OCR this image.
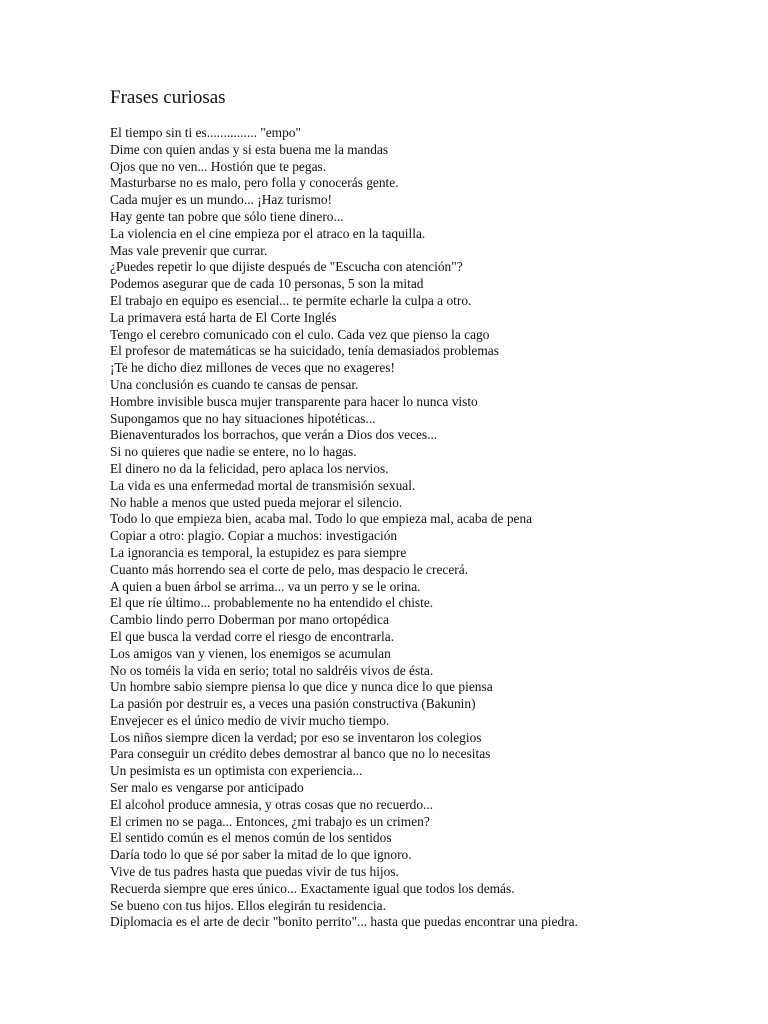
Frases curiosas
El tiempo sin ti es............... "empo"
Dime con quien andas y si esta buena me la mandas
Ojos que no ven... Hostión que te pegas.
Masturbarse no es malo, pero folla y conocerás gente.
Cada mujer es un mundo... ¡Haz turismo!
Hay gente tan pobre que sólo tiene dinero...
La violencia en el cine empieza por el atraco en la taquilla.
Mas vale prevenir que currar.
¿Puedes repetir lo que dijiste después de "Escucha con atención"?
Podemos asegurar que de cada 10 personas, 5 son la mitad
El trabajo en equipo es esencial... te permite echarle la culpa a otro.
La primavera está harta de El Corte Inglés
Tengo el cerebro comunicado con el culo. Cada vez que pienso la cago
El profesor de matemáticas se ha suicidado, tenía demasiados problemas
¡Te he dicho diez millones de veces que no exageres!
Una conclusión es cuando te cansas de pensar.
Hombre invisible busca mujer transparente para hacer lo nunca visto
Supongamos que no hay situaciones hipotéticas...
Bienaventurados los borrachos, que verán a Dios dos veces...
Si no quieres que nadie se entere, no lo hagas.
El dinero no da la felicidad, pero aplaca los nervios.
La vida es una enfermedad mortal de transmisión sexual.
No hable a menos que usted pueda mejorar el silencio.
Todo lo que empieza bien, acaba mal. Todo lo que empieza mal, acaba de pena
Copiar a otro: plagio. Copiar a muchos: investigación
La ignorancia es temporal, la estupidez es para siempre
Cuanto más horrendo sea el corte de pelo, mas despacio le crecerá.
A quien a buen árbol se arrima... va un perro y se le orina.
El que ríe último... probablemente no ha entendido el chiste.
Cambio lindo perro Doberman por mano ortopédica
El que busca la verdad corre el riesgo de encontrarla.
Los amigos van y vienen, los enemigos se acumulan
No os toméis la vida en serio; total no saldréis vivos de ésta.
Un hombre sabio siempre piensa lo que dice y nunca dice lo que piensa
La pasión por destruir es, a veces una pasión constructiva (Bakunin)
Envejecer es el único medio de vivir mucho tiempo.
Los niños siempre dicen la verdad; por eso se inventaron los colegios
Para conseguir un crédito debes demostrar al banco que no lo necesitas
Un pesimista es un optimista con experiencia...
Ser malo es vengarse por anticipado
El alcohol produce amnesia, y otras cosas que no recuerdo...
El crimen no se paga... Entonces, ¿mi trabajo es un crimen?
El sentido común es el menos común de los sentidos
Daría todo lo que sé por saber la mitad de lo que ignoro.
Vive de tus padres hasta que puedas vivir de tus hijos.
Recuerda siempre que eres único... Exactamente igual que todos los demás.
Se bueno con tus hijos. Ellos elegirán tu residencia.
Diplomacia es el arte de decir "bonito perrito"... hasta que puedas encontrar una piedra.
